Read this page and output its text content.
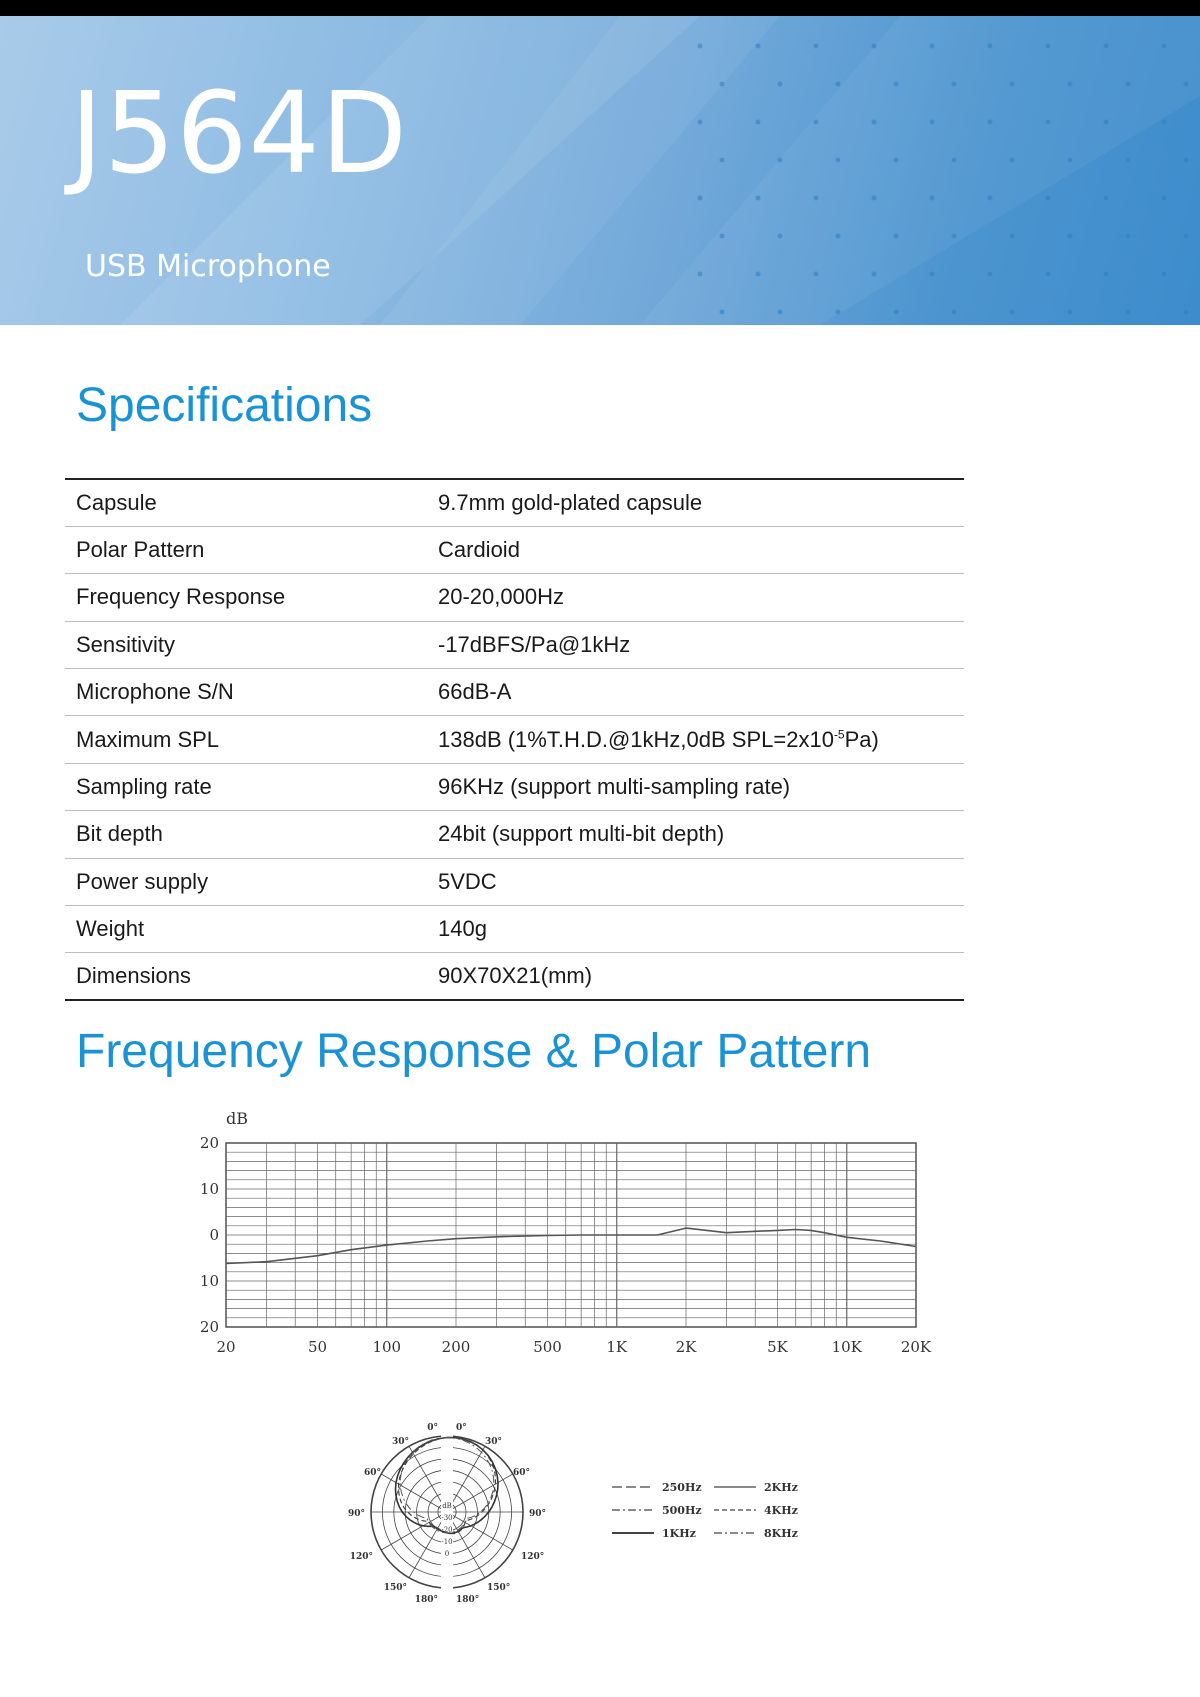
J564D
USB Microphone
Specifications
Capsule	9.7mm gold-plated capsule
Polar Pattern	Cardioid
Frequency Response	20-20,000Hz
Sensitivity	-17dBFS/Pa@1kHz
Microphone S/N	66dB-A
Maximum SPL	138dB (1%T.H.D.@1kHz,0dB $SPL=2x10^{-5}Pa$)
Sampling rate	96KHz (support multi-sampling rate)
Bit depth	24bit (support multi-bit depth)
Power supply	5VDC
Weight	140g
Dimensions	90X70X21(mm)
Frequency Response & Polar Pattern
20
10
0
10
20
20	50	100	200	500	1K	2K	5K	10K	20K
dB
0° 0°
30°	30°
60°	60°
90°	90°
120°	120°
150°	150°
180° 180°
dB
-30
-20
-10
0
250Hz	2KHz
500Hz	4KHz
1KHz	8KHz
